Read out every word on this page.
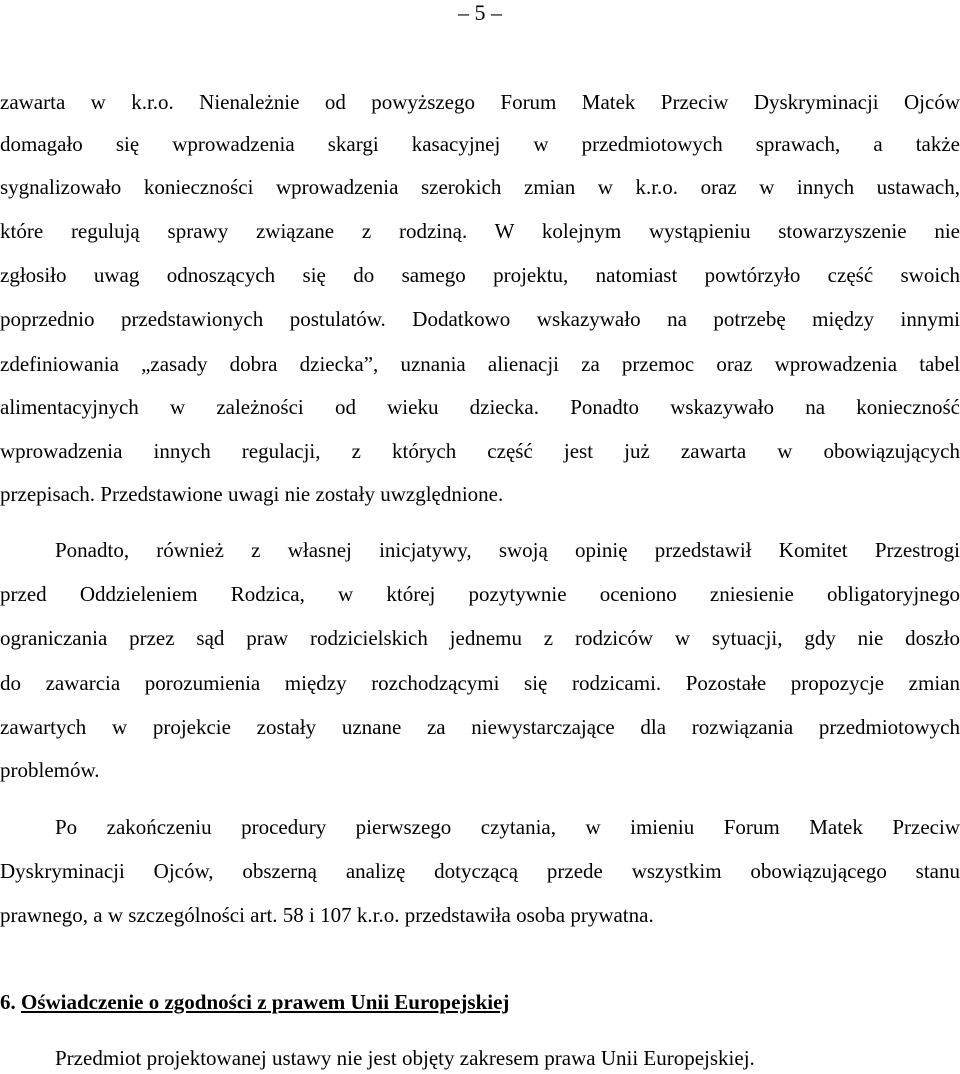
– 5 –
zawarta w k.r.o. Nienależnie od powyższego Forum Matek Przeciw Dyskryminacji Ojców
domagało się wprowadzenia skargi kasacyjnej w przedmiotowych sprawach, a także
sygnalizowało konieczności wprowadzenia szerokich zmian w k.r.o. oraz w innych ustawach,
które regulują sprawy związane z rodziną. W kolejnym wystąpieniu stowarzyszenie nie
zgłosiło uwag odnoszących się do samego projektu, natomiast powtórzyło część swoich
poprzednio przedstawionych postulatów. Dodatkowo wskazywało na potrzebę między innymi
zdefiniowania „zasady dobra dziecka”, uznania alienacji za przemoc oraz wprowadzenia tabel
alimentacyjnych w zależności od wieku dziecka. Ponadto wskazywało na konieczność
wprowadzenia innych regulacji, z których część jest już zawarta w obowiązujących
przepisach. Przedstawione uwagi nie zostały uwzględnione.
Ponadto, również z własnej inicjatywy, swoją opinię przedstawił Komitet Przestrogi
przed Oddzieleniem Rodzica, w której pozytywnie oceniono zniesienie obligatoryjnego
ograniczania przez sąd praw rodzicielskich jednemu z rodziców w sytuacji, gdy nie doszło
do zawarcia porozumienia między rozchodzącymi się rodzicami. Pozostałe propozycje zmian
zawartych w projekcie zostały uznane za niewystarczające dla rozwiązania przedmiotowych
problemów.
Po zakończeniu procedury pierwszego czytania, w imieniu Forum Matek Przeciw
Dyskryminacji Ojców, obszerną analizę dotyczącą przede wszystkim obowiązującego stanu
prawnego, a w szczególności art. 58 i 107 k.r.o. przedstawiła osoba prywatna.
6. Oświadczenie o zgodności z prawem Unii Europejskiej
Przedmiot projektowanej ustawy nie jest objęty zakresem prawa Unii Europejskiej.
